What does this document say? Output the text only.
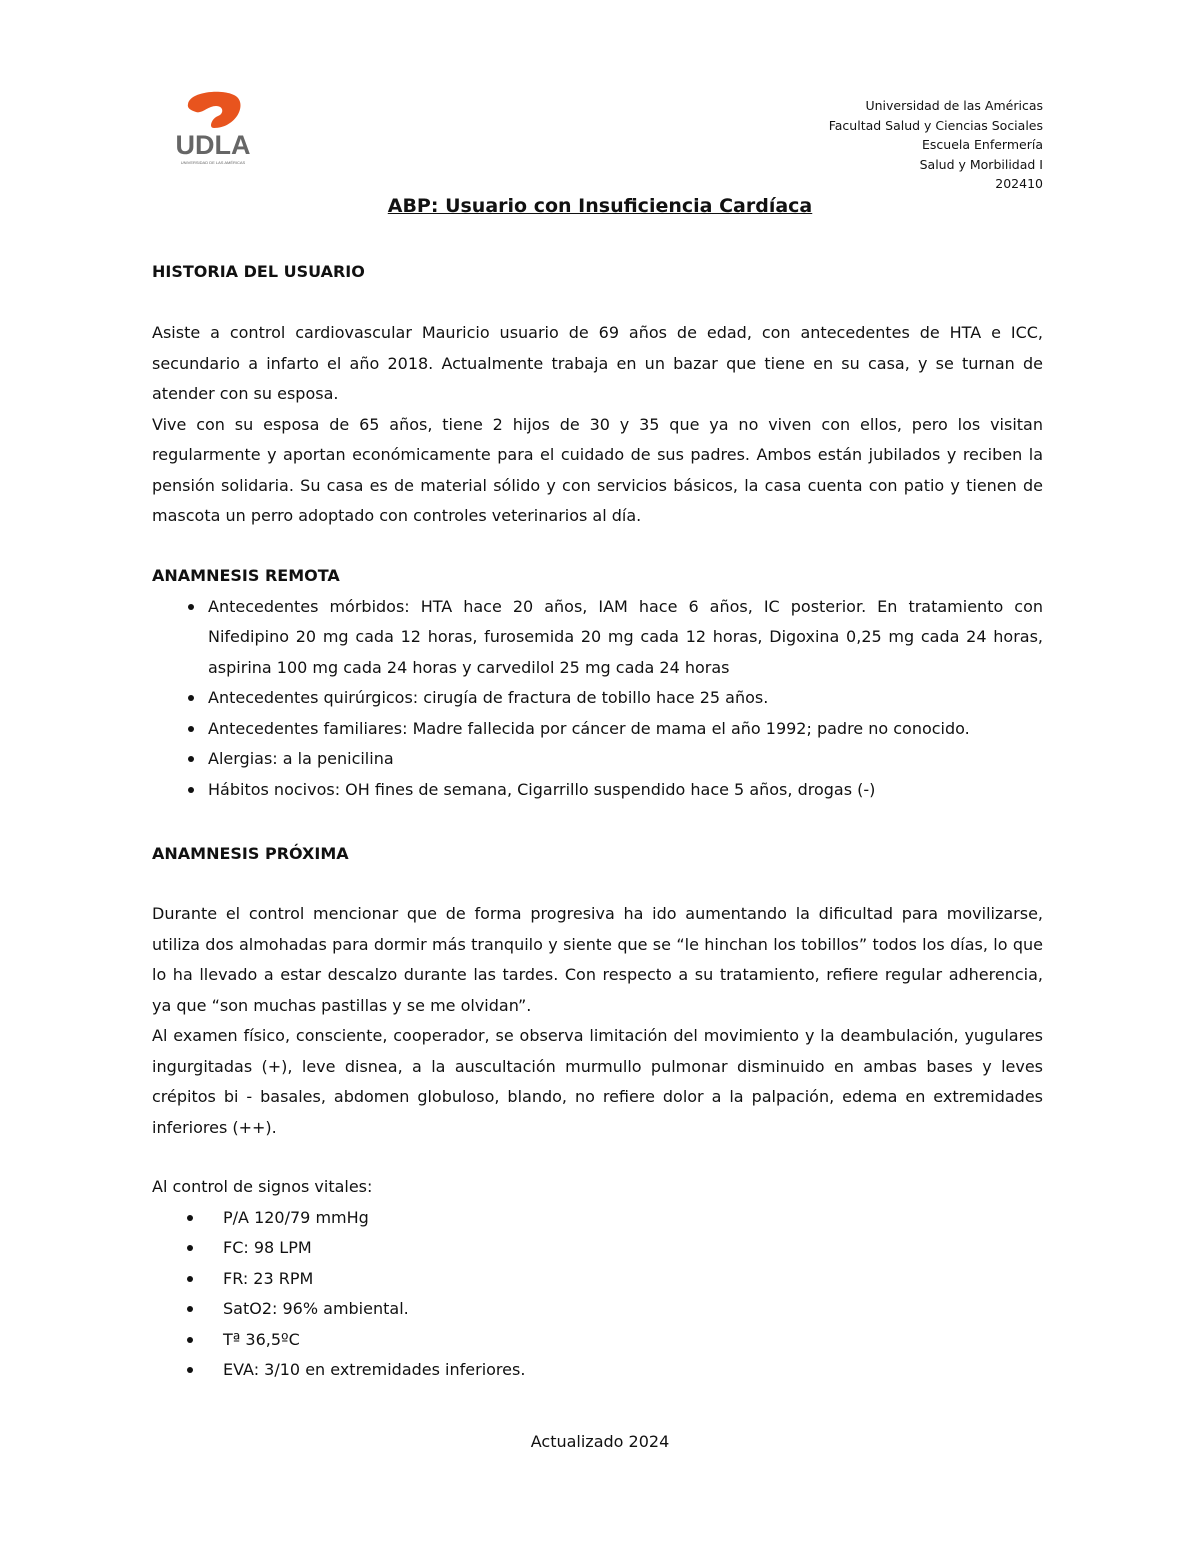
UDLA
UNIVERSIDAD DE LAS AMÉRICAS
Universidad de las Américas
Facultad Salud y Ciencias Sociales
Escuela Enfermería
Salud y Morbilidad I
202410
ABP: Usuario con Insuficiencia Cardíaca
HISTORIA DEL USUARIO

Asiste a control cardiovascular Mauricio usuario de 69 años de edad, con antecedentes de HTA e ICC, secundario a infarto el año 2018. Actualmente trabaja en un bazar que tiene en su casa, y se turnan de atender con su esposa.

Vive con su esposa de 65 años, tiene 2 hijos de 30 y 35 que ya no viven con ellos, pero los visitan regularmente y aportan económicamente para el cuidado de sus padres. Ambos están jubilados y reciben la pensión solidaria. Su casa es de material sólido y con servicios básicos, la casa cuenta con patio y tienen de mascota un perro adoptado con controles veterinarios al día.

ANAMNESIS REMOTA
Antecedentes mórbidos: HTA hace 20 años, IAM hace 6 años, IC posterior. En tratamiento con Nifedipino 20 mg cada 12 horas, furosemida 20 mg cada 12 horas, Digoxina 0,25 mg cada 24 horas, aspirina 100 mg cada 24 horas y carvedilol 25 mg cada 24 horas
Antecedentes quirúrgicos: cirugía de fractura de tobillo hace 25 años.
Antecedentes familiares: Madre fallecida por cáncer de mama el año 1992; padre no conocido.
Alergias: a la penicilina
Hábitos nocivos: OH fines de semana, Cigarrillo suspendido hace 5 años, drogas (-)
ANAMNESIS PRÓXIMA

Durante el control mencionar que de forma progresiva ha ido aumentando la dificultad para movilizarse, utiliza dos almohadas para dormir más tranquilo y siente que se “le hinchan los tobillos” todos los días, lo que lo ha llevado a estar descalzo durante las tardes. Con respecto a su tratamiento, refiere regular adherencia, ya que “son muchas pastillas y se me olvidan”.

Al examen físico, consciente, cooperador, se observa limitación del movimiento y la deambulación, yugulares ingurgitadas (+), leve disnea, a la auscultación murmullo pulmonar disminuido en ambas bases y leves crépitos bi - basales, abdomen globuloso, blando, no refiere dolor a la palpación, edema en extremidades inferiores (++).

Al control de signos vitales:

P/A 120/79 mmHg
FC: 98 LPM
FR: 23 RPM
SatO2: 96% ambiental.
Tª 36,5ºC
EVA: 3/10 en extremidades inferiores.
Actualizado 2024
